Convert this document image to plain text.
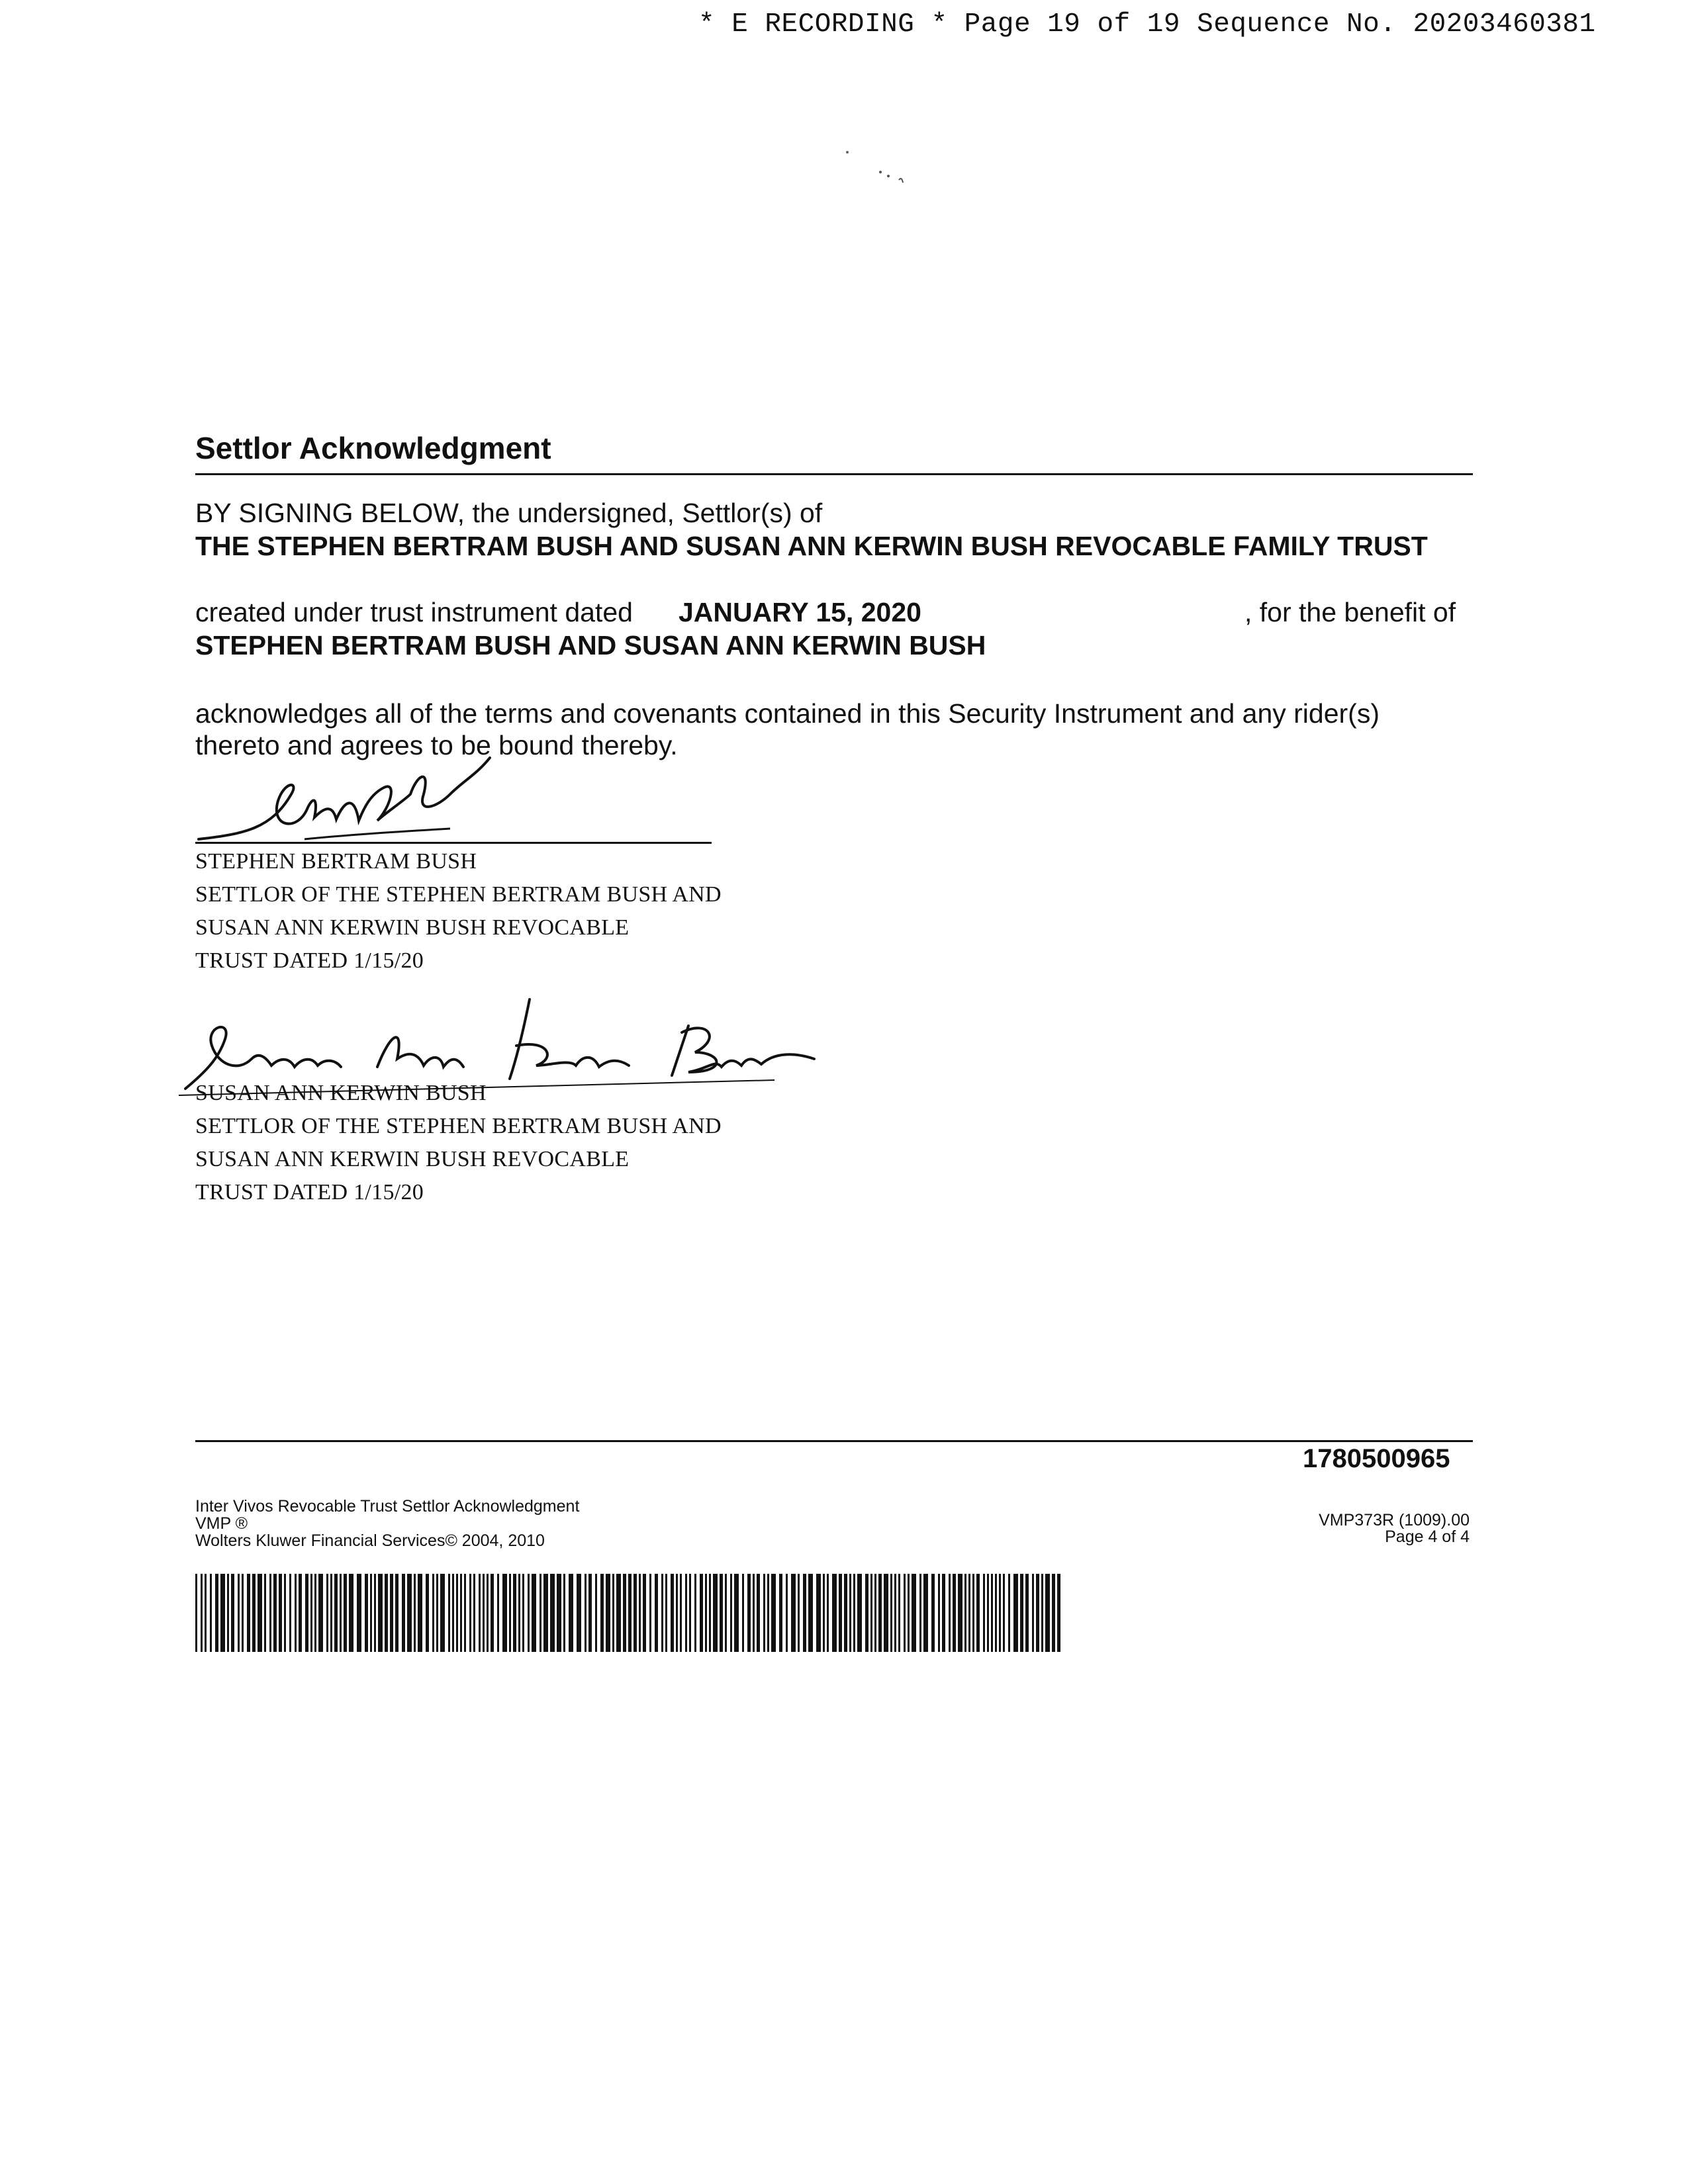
* E RECORDING * Page 19 of 19 Sequence No. 20203460381
Settlor Acknowledgment
BY SIGNING BELOW, the undersigned, Settlor(s) of
THE STEPHEN BERTRAM BUSH AND SUSAN ANN KERWIN BUSH REVOCABLE FAMILY TRUST
created under trust instrument dated JANUARY 15, 2020	, for the benefit of
STEPHEN BERTRAM BUSH AND SUSAN ANN KERWIN BUSH
acknowledges all of the terms and covenants contained in this Security Instrument and any rider(s)
thereto and agrees to be bound thereby.
STEPHEN BERTRAM BUSH
SETTLOR OF THE STEPHEN BERTRAM BUSH AND
SUSAN ANN KERWIN BUSH REVOCABLE
TRUST DATED 1/15/20
SUSAN ANN KERWIN BUSH
SETTLOR OF THE STEPHEN BERTRAM BUSH AND
SUSAN ANN KERWIN BUSH REVOCABLE
TRUST DATED 1/15/20
1780500965
Inter Vivos Revocable Trust Settlor Acknowledgment
VMP ®
Wolters Kluwer Financial Services© 2004, 2010
VMP373R (1009).00
Page 4 of 4
